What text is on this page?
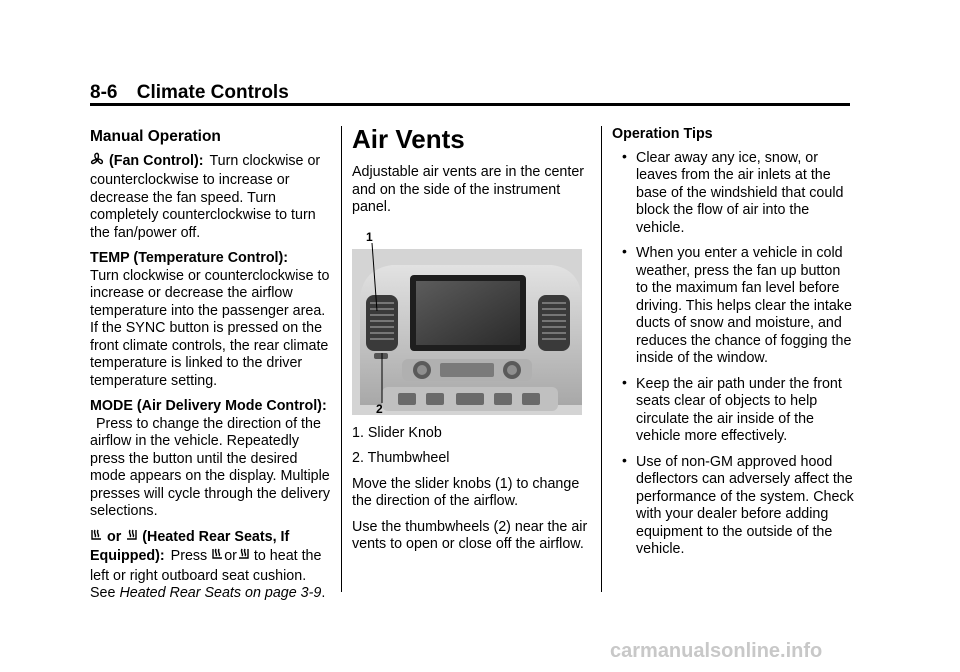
8-6 Climate Controls
Manual Operation

(Fan Control): Turn clockwise or counterclockwise to increase or decrease the fan speed. Turn completely counterclockwise to turn the fan/power off.

TEMP (Temperature Control):
Turn clockwise or counterclockwise to increase or decrease the airflow temperature into the passenger area. If the SYNC button is pressed on the front climate controls, the rear climate temperature is linked to the driver temperature setting.

MODE (Air Delivery Mode Control):Press to change the direction of the airflow in the vehicle. Repeatedly press the button until the desired mode appears on the display. Multiple presses will cycle through the delivery selections.

or (Heated Rear Seats, If Equipped): Press or to heat the left or right outboard seat cushion. See Heated Rear Seats on page 3-9.

Air Vents

Adjustable air vents are in the center and on the side of the instrument panel.

1
2

1. Slider Knob

2. Thumbwheel

Move the slider knobs (1) to change the direction of the airflow.

Use the thumbwheels (2) near the air vents to open or close off the airflow.

Operation Tips
• Clear away any ice, snow, or leaves from the air inlets at the base of the windshield that could block the flow of air into the vehicle.
• When you enter a vehicle in cold weather, press the fan up button to the maximum fan level before driving. This helps clear the intake ducts of snow and moisture, and reduces the chance of fogging the inside of the window.
• Keep the air path under the front seats clear of objects to help circulate the air inside of the vehicle more effectively.
• Use of non-GM approved hood deflectors can adversely affect the performance of the system. Check with your dealer before adding equipment to the outside of the vehicle.
carmanualsonline.info
